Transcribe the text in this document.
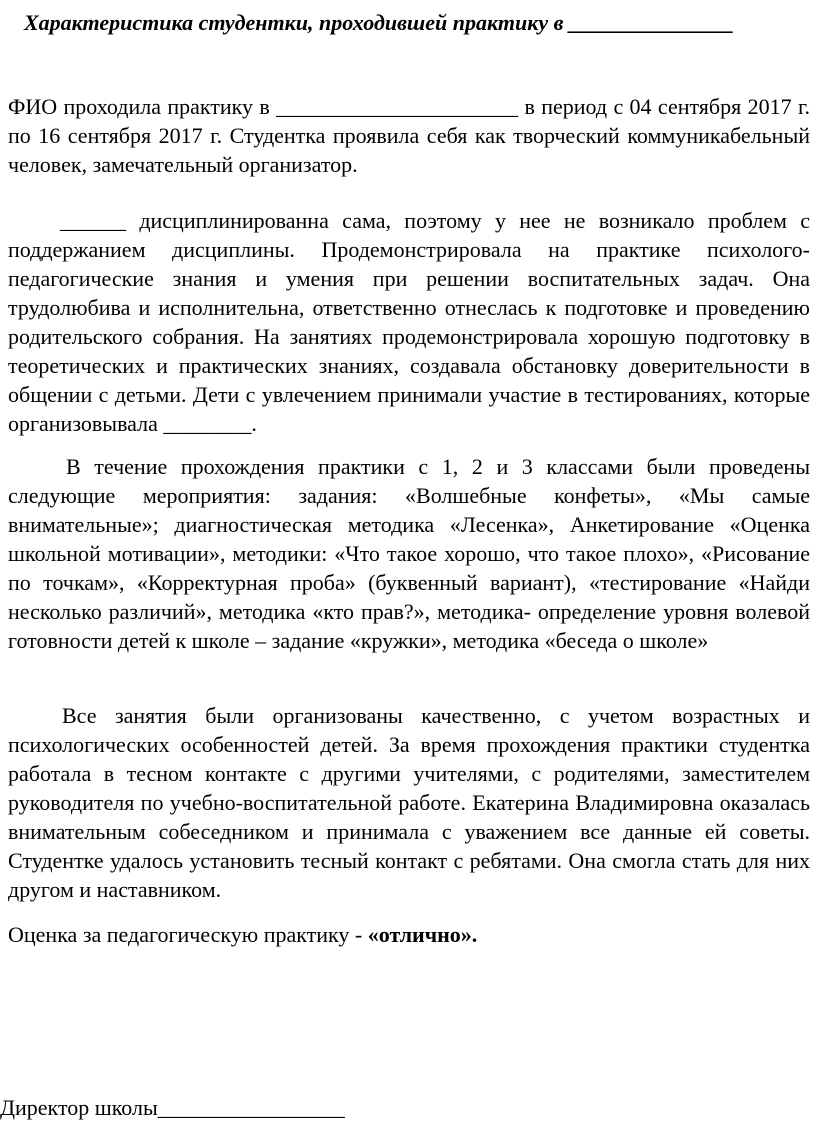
Характеристика студентки, проходившей практику в _______________

ФИО проходила практику в ______________________ в период с 04 сентября 2017 г. по 16 сентября 2017 г. Студентка проявила себя как творческий коммуникабельный человек, замечательный организатор.

______ дисциплинированна сама, поэтому у нее не возникало проблем с поддержанием дисциплины. Продемонстрировала на практике психолого-педагогические знания и умения при решении воспитательных задач. Она трудолюбива и исполнительна, ответственно отнеслась к подготовке и проведению родительского собрания. На занятиях продемонстрировала хорошую подготовку в теоретических и практических знаниях, создавала обстановку доверительности в общении с детьми. Дети с увлечением принимали участие в тестированиях, которые организовывала ________.

В течение прохождения практики с 1, 2 и 3 классами были проведены следующие мероприятия: задания: «Волшебные конфеты», «Мы самые внимательные»; диагностическая методика «Лесенка», Анкетирование «Оценка школьной мотивации», методики: «Что такое хорошо, что такое плохо», «Рисование по точкам», «Корректурная проба» (буквенный вариант), «тестирование «Найди несколько различий», методика «кто прав?», методика- определение уровня волевой готовности детей к школе – задание «кружки», методика «беседа о школе»

Все занятия были организованы качественно, с учетом возрастных и психологических особенностей детей. За время прохождения практики студентка работала в тесном контакте с другими учителями, с родителями, заместителем руководителя по учебно-воспитательной работе. Екатерина Владимировна оказалась внимательным собеседником и принимала с уважением все данные ей советы. Студентке удалось установить тесный контакт с ребятами. Она смогла стать для них другом и наставником.

Оценка за педагогическую практику - «отлично».

Директор школы_________________
